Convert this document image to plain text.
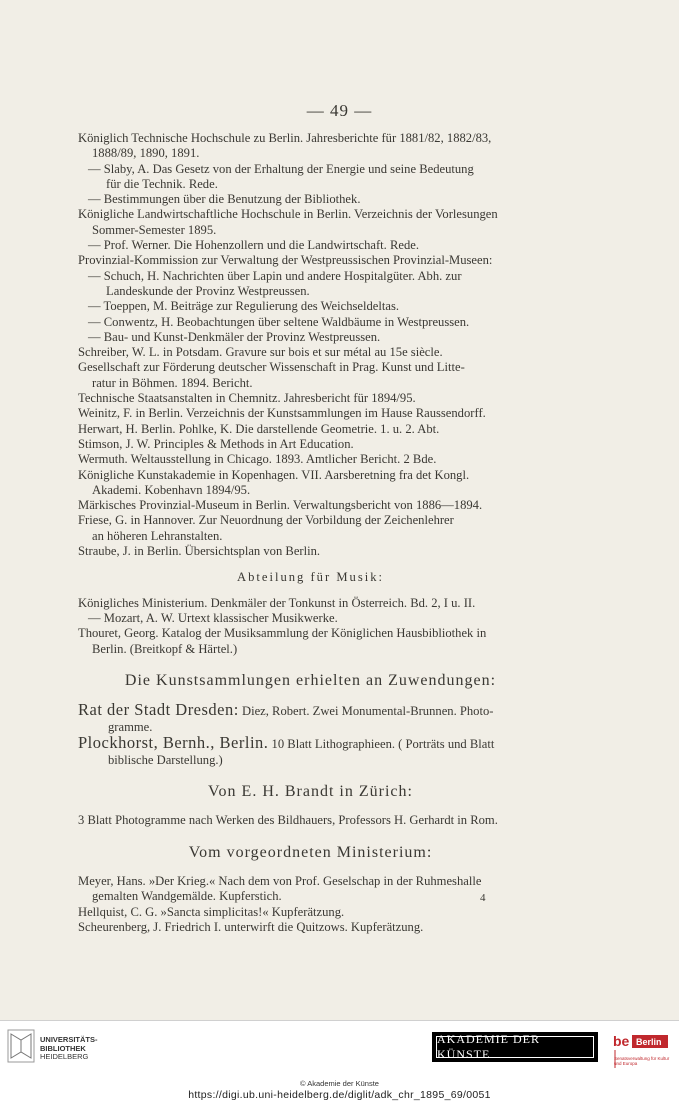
— 49 —
Königlich Technische Hochschule zu Berlin. Jahresberichte für 1881/82, 1882/83,
1888/89, 1890, 1891.
— Slaby, A. Das Gesetz von der Erhaltung der Energie und seine Bedeutung
für die Technik. Rede.
— Bestimmungen über die Benutzung der Bibliothek.
Königliche Landwirtschaftliche Hochschule in Berlin. Verzeichnis der Vorlesungen
Sommer-Semester 1895.
— Prof. Werner. Die Hohenzollern und die Landwirtschaft. Rede.
Provinzial-Kommission zur Verwaltung der Westpreussischen Provinzial-Museen:
— Schuch, H. Nachrichten über Lapin und andere Hospitalgüter. Abh. zur
Landeskunde der Provinz Westpreussen.
— Toeppen, M. Beiträge zur Regulierung des Weichseldeltas.
— Conwentz, H. Beobachtungen über seltene Waldbäume in Westpreussen.
— Bau- und Kunst-Denkmäler der Provinz Westpreussen.
Schreiber, W. L. in Potsdam. Gravure sur bois et sur métal au 15e siècle.
Gesellschaft zur Förderung deutscher Wissenschaft in Prag. Kunst und Litte-
ratur in Böhmen. 1894. Bericht.
Technische Staatsanstalten in Chemnitz. Jahresbericht für 1894/95.
Weinitz, F. in Berlin. Verzeichnis der Kunstsammlungen im Hause Raussendorff.
Herwart, H. Berlin. Pohlke, K. Die darstellende Geometrie. 1. u. 2. Abt.
Stimson, J. W. Principles & Methods in Art Education.
Wermuth. Weltausstellung in Chicago. 1893. Amtlicher Bericht. 2 Bde.
Königliche Kunstakademie in Kopenhagen. VII. Aarsberetning fra det Kongl.
Akademi. Kobenhavn 1894/95.
Märkisches Provinzial-Museum in Berlin. Verwaltungsbericht von 1886—1894.
Friese, G. in Hannover. Zur Neuordnung der Vorbildung der Zeichenlehrer
an höheren Lehranstalten.
Straube, J. in Berlin. Übersichtsplan von Berlin.
Abteilung für Musik:
Königliches Ministerium. Denkmäler der Tonkunst in Österreich. Bd. 2, I u. II.
— Mozart, A. W. Urtext klassischer Musikwerke.
Thouret, Georg. Katalog der Musiksammlung der Königlichen Hausbibliothek in
Berlin. (Breitkopf & Härtel.)
Die Kunstsammlungen erhielten an Zuwendungen:
Rat der Stadt Dresden: Diez, Robert. Zwei Monumental-Brunnen. Photo-
gramme.
Plockhorst, Bernh., Berlin. 10 Blatt Lithographieen. ( Porträts und Blatt
biblische Darstellung.)
Von E. H. Brandt in Zürich:
3 Blatt Photogramme nach Werken des Bildhauers, Professors H. Gerhardt in Rom.
Vom vorgeordneten Ministerium:
Meyer, Hans. »Der Krieg.« Nach dem von Prof. Geselschap in der Ruhmeshalle
gemalten Wandgemälde. Kupferstich.
Hellquist, C. G. »Sancta simplicitas!« Kupferätzung.
Scheurenberg, J. Friedrich I. unterwirft die Quitzows. Kupferätzung.
4
UNIVERSITÄTS-
BIBLIOTHEK
HEIDELBERG
AKADEMIE DER KÜNSTE
be Berlin
Senatsverwaltung für Kultur und Europa
© Akademie der Künste
https://digi.ub.uni-heidelberg.de/diglit/adk_chr_1895_69/0051
